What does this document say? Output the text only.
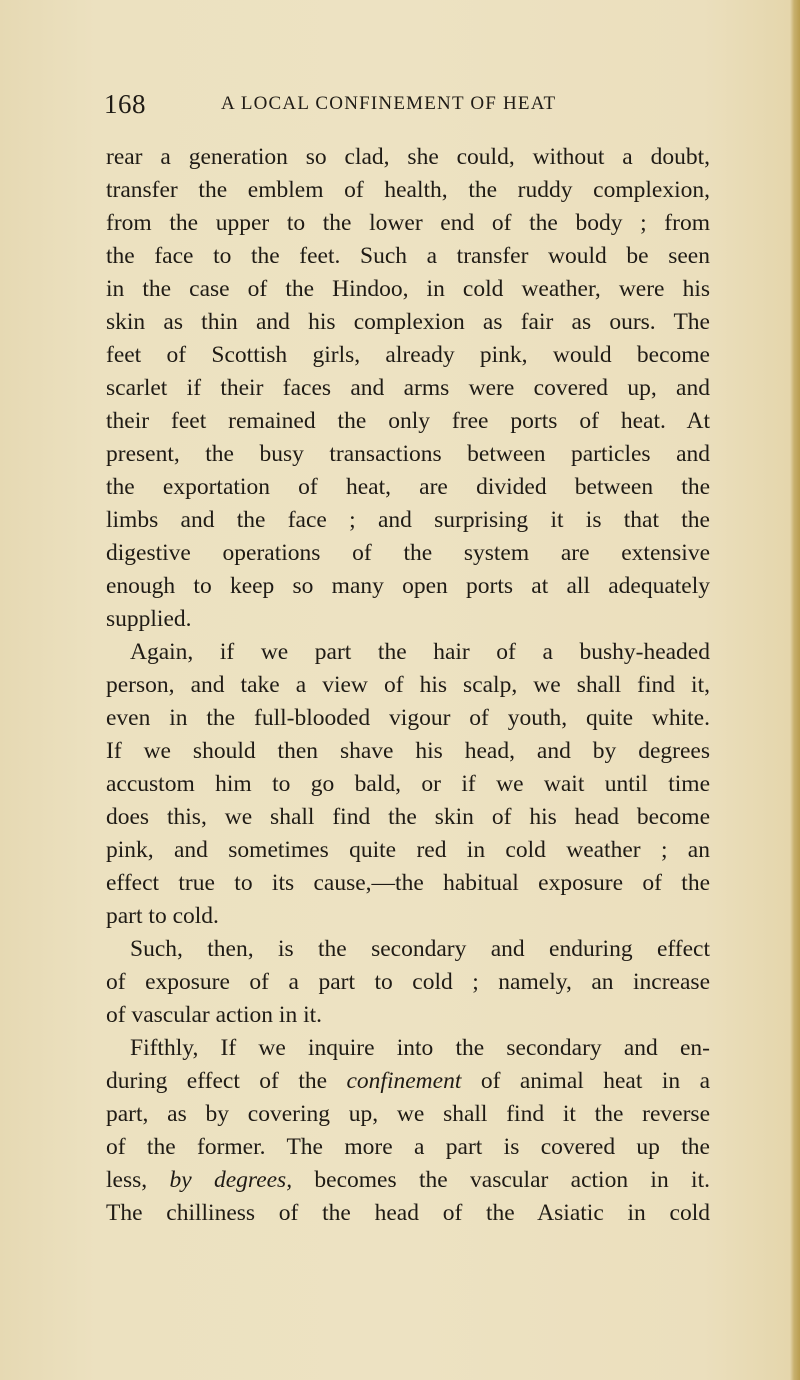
168	A LOCAL CONFINEMENT OF HEAT
rear a generation so clad, she could, without a doubt,
transfer the emblem of health, the ruddy complexion,
from the upper to the lower end of the body ; from
the face to the feet. Such a transfer would be seen
in the case of the Hindoo, in cold weather, were his
skin as thin and his complexion as fair as ours. The
feet of Scottish girls, already pink, would become
scarlet if their faces and arms were covered up, and
their feet remained the only free ports of heat. At
present, the busy transactions between particles and
the exportation of heat, are divided between the
limbs and the face ; and surprising it is that the
digestive operations of the system are extensive
enough to keep so many open ports at all adequately
supplied.
Again, if we part the hair of a bushy-headed
person, and take a view of his scalp, we shall find it,
even in the full-blooded vigour of youth, quite white.
If we should then shave his head, and by degrees
accustom him to go bald, or if we wait until time
does this, we shall find the skin of his head become
pink, and sometimes quite red in cold weather ; an
effect true to its cause,—the habitual exposure of the
part to cold.
Such, then, is the secondary and enduring effect
of exposure of a part to cold ; namely, an increase
of vascular action in it.
Fifthly, If we inquire into the secondary and en-
during effect of the confinement of animal heat in a
part, as by covering up, we shall find it the reverse
of the former. The more a part is covered up the
less, by degrees, becomes the vascular action in it.
The chilliness of the head of the Asiatic in cold
